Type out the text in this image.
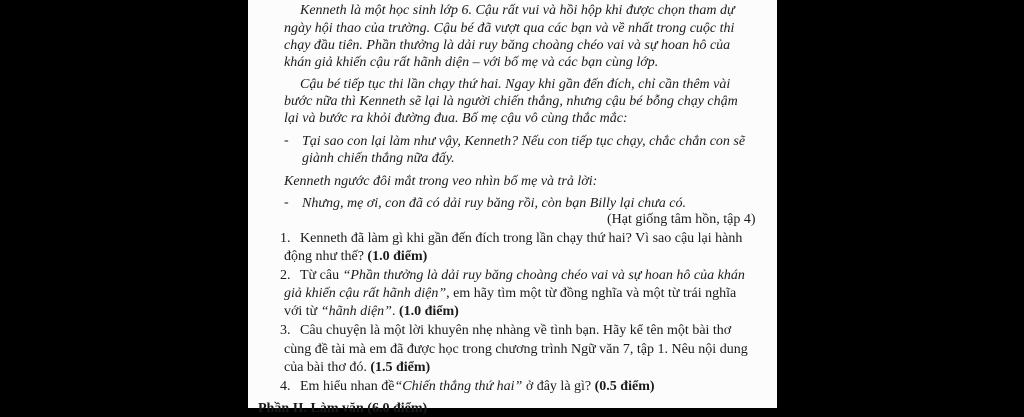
Kenneth là một học sinh lớp 6. Cậu rất vui và hồi hộp khi được chọn tham dự
ngày hội thao của trường. Cậu bé đã vượt qua các bạn và về nhất trong cuộc thi
chạy đầu tiên. Phần thưởng là dải ruy băng choàng chéo vai và sự hoan hô của
khán giả khiến cậu rất hãnh diện – với bố mẹ và các bạn cùng lớp.
Cậu bé tiếp tục thi lần chạy thứ hai. Ngay khi gần đến đích, chỉ cần thêm vài
bước nữa thì Kenneth sẽ lại là người chiến thắng, nhưng cậu bé bỗng chạy chậm
lại và bước ra khỏi đường đua. Bố mẹ cậu vô cùng thắc mắc:
- Tại sao con lại làm như vậy, Kenneth? Nếu con tiếp tục chạy, chắc chắn con sẽ
giành chiến thắng nữa đấy.
Kenneth ngước đôi mắt trong veo nhìn bố mẹ và trả lời:
- Nhưng, mẹ ơi, con đã có dải ruy băng rồi, còn bạn Billy lại chưa có.
(Hạt giống tâm hồn, tập 4)
1. Kenneth đã làm gì khi gần đến đích trong lần chạy thứ hai? Vì sao cậu lại hành
động như thế? (1.0 điểm)
2. Từ câu “Phần thưởng là dải ruy băng choàng chéo vai và sự hoan hô của khán
giả khiến cậu rất hãnh diện”, em hãy tìm một từ đồng nghĩa và một từ trái nghĩa
với từ “hãnh diện”. (1.0 điểm)
3. Câu chuyện là một lời khuyên nhẹ nhàng về tình bạn. Hãy kể tên một bài thơ
cùng đề tài mà em đã được học trong chương trình Ngữ văn 7, tập 1. Nêu nội dung
của bài thơ đó. (1.5 điểm)
4. Em hiểu nhan đề“Chiến thắng thứ hai” ở đây là gì? (0.5 điểm)
Phần II. Làm văn (6.0 điểm)
